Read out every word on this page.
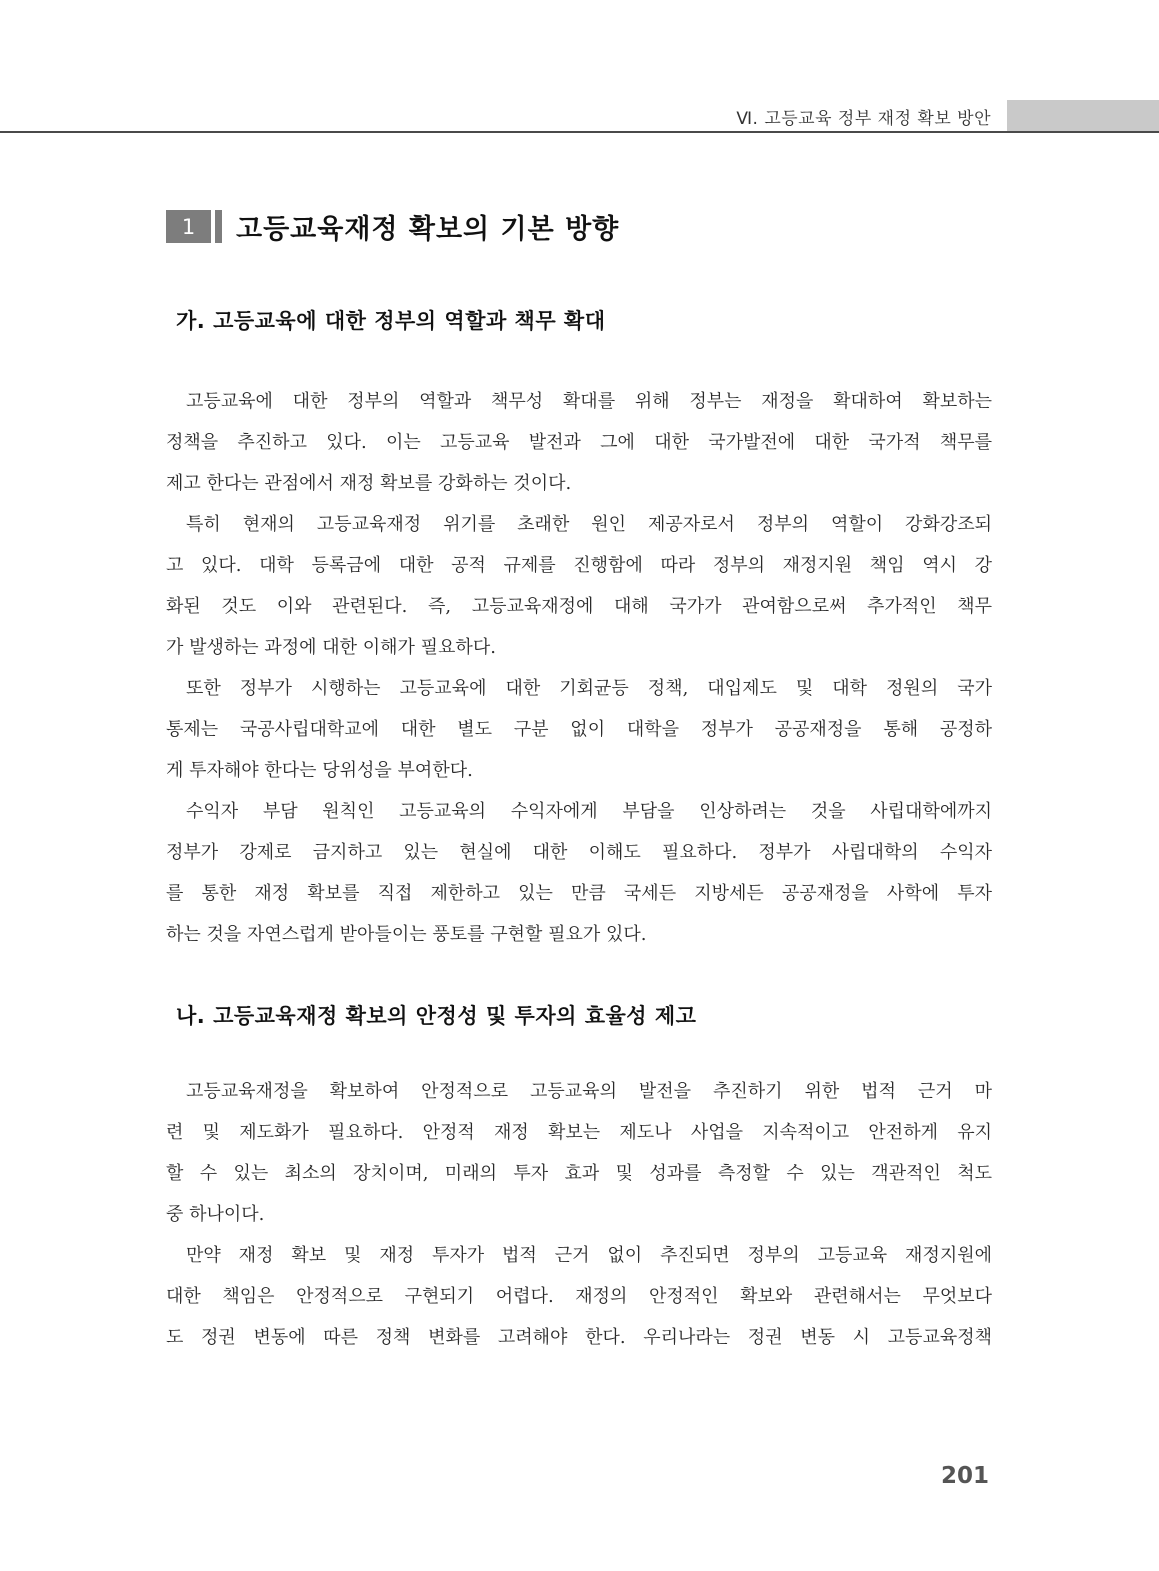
Ⅵ. 고등교육 정부 재정 확보 방안
1	고등교육재정 확보의 기본 방향
가. 고등교육에 대한 정부의 역할과 책무 확대
고등교육에 대한 정부의 역할과 책무성 확대를 위해 정부는 재정을 확대하여 확보하는
정책을 추진하고 있다. 이는 고등교육 발전과 그에 대한 국가발전에 대한 국가적 책무를
제고 한다는 관점에서 재정 확보를 강화하는 것이다.
특히 현재의 고등교육재정 위기를 초래한 원인 제공자로서 정부의 역할이 강화강조되
고 있다. 대학 등록금에 대한 공적 규제를 진행함에 따라 정부의 재정지원 책임 역시 강
화된 것도 이와 관련된다. 즉, 고등교육재정에 대해 국가가 관여함으로써 추가적인 책무
가 발생하는 과정에 대한 이해가 필요하다.
또한 정부가 시행하는 고등교육에 대한 기회균등 정책, 대입제도 및 대학 정원의 국가
통제는 국공사립대학교에 대한 별도 구분 없이 대학을 정부가 공공재정을 통해 공정하
게 투자해야 한다는 당위성을 부여한다.
수익자 부담 원칙인 고등교육의 수익자에게 부담을 인상하려는 것을 사립대학에까지
정부가 강제로 금지하고 있는 현실에 대한 이해도 필요하다. 정부가 사립대학의 수익자
를 통한 재정 확보를 직접 제한하고 있는 만큼 국세든 지방세든 공공재정을 사학에 투자
하는 것을 자연스럽게 받아들이는 풍토를 구현할 필요가 있다.
나. 고등교육재정 확보의 안정성 및 투자의 효율성 제고
고등교육재정을 확보하여 안정적으로 고등교육의 발전을 추진하기 위한 법적 근거 마
련 및 제도화가 필요하다. 안정적 재정 확보는 제도나 사업을 지속적이고 안전하게 유지
할 수 있는 최소의 장치이며, 미래의 투자 효과 및 성과를 측정할 수 있는 객관적인 척도
중 하나이다.
만약 재정 확보 및 재정 투자가 법적 근거 없이 추진되면 정부의 고등교육 재정지원에
대한 책임은 안정적으로 구현되기 어렵다. 재정의 안정적인 확보와 관련해서는 무엇보다
도 정권 변동에 따른 정책 변화를 고려해야 한다. 우리나라는 정권 변동 시 고등교육정책
201
